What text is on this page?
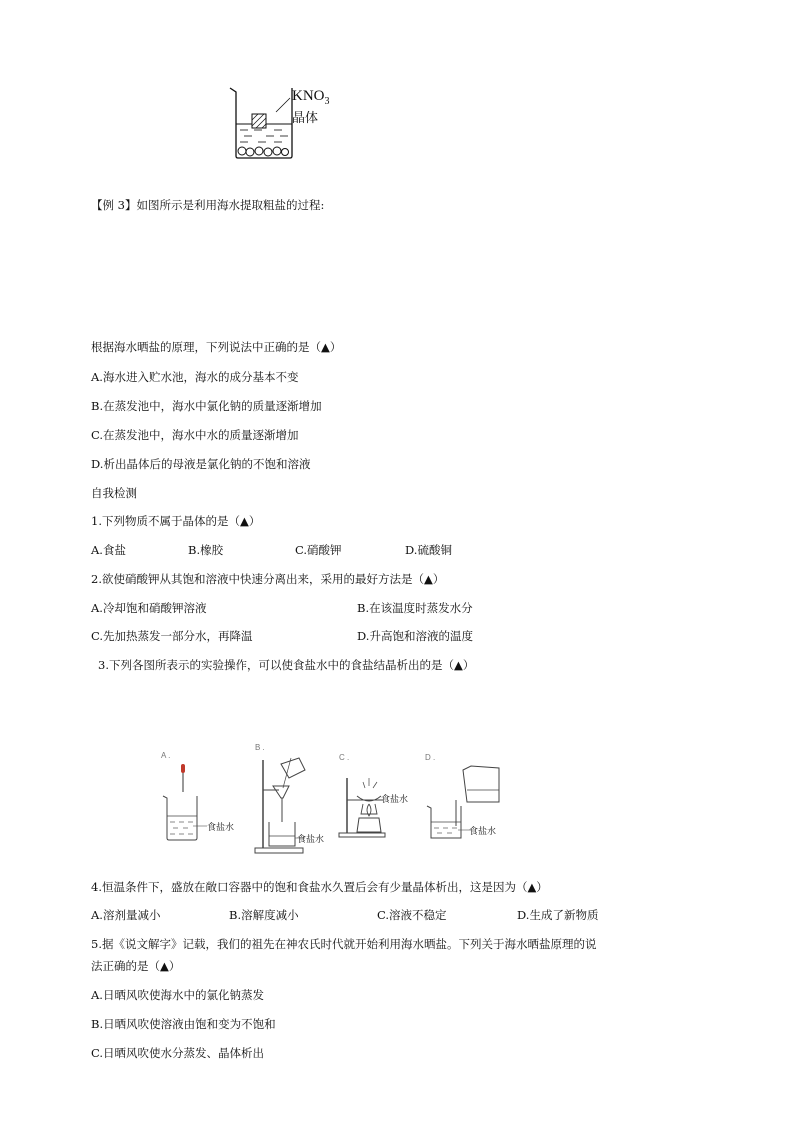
$KNO_3$
晶体
【例 3】如图所示是利用海水提取粗盐的过程:
根据海水晒盐的原理，下列说法中正确的是（▲）
A.海水进入贮水池，海水的成分基本不变
B.在蒸发池中，海水中氯化钠的质量逐渐增加
C.在蒸发池中，海水中水的质量逐渐增加
D.析出晶体后的母液是氯化钠的不饱和溶液
自我检测
1.下列物质不属于晶体的是（▲）
A.食盐	B.橡胶	C.硝酸钾	D.硫酸铜
2.欲使硝酸钾从其饱和溶液中快速分离出来，采用的最好方法是（▲）
A.冷却饱和硝酸钾溶液	B.在该温度时蒸发水分
C.先加热蒸发一部分水，再降温	D.升高饱和溶液的温度
3.下列各图所表示的实验操作，可以使食盐水中的食盐结晶析出的是（▲）
A .
食盐水
B .
食盐水
C .
食盐水
D .
食盐水
4.恒温条件下，盛放在敞口容器中的饱和食盐水久置后会有少量晶体析出，这是因为（▲）
A.溶剂量减小	B.溶解度减小	C.溶液不稳定	D.生成了新物质
5.据《说文解字》记载，我们的祖先在神农氏时代就开始利用海水晒盐。下列关于海水晒盐原理的说
法正确的是（▲）
A.日晒风吹使海水中的氯化钠蒸发
B.日晒风吹使溶液由饱和变为不饱和
C.日晒风吹使水分蒸发、晶体析出
